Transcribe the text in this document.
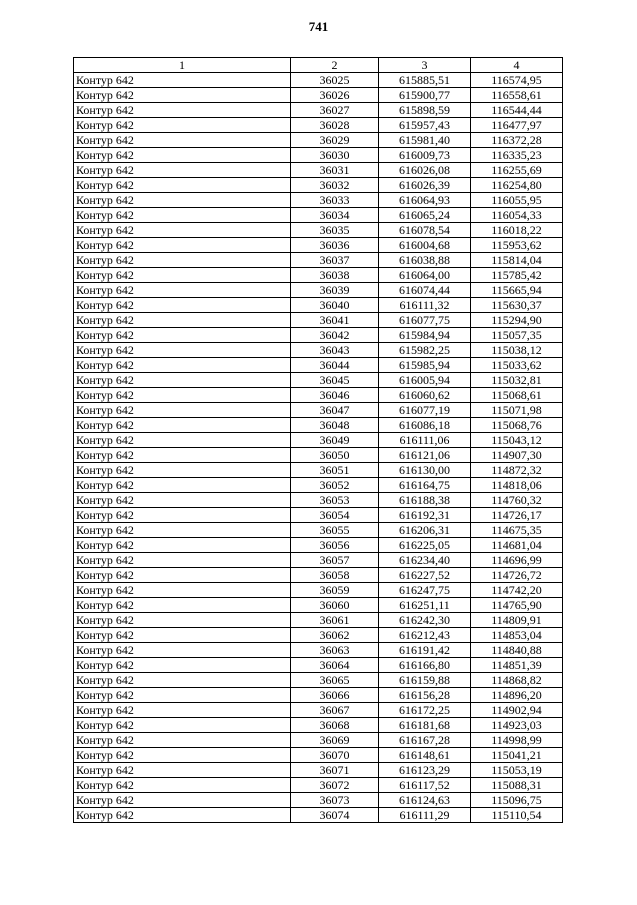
741
1	2	3	4
Контур 642	36025	615885,51	116574,95
Контур 642	36026	615900,77	116558,61
Контур 642	36027	615898,59	116544,44
Контур 642	36028	615957,43	116477,97
Контур 642	36029	615981,40	116372,28
Контур 642	36030	616009,73	116335,23
Контур 642	36031	616026,08	116255,69
Контур 642	36032	616026,39	116254,80
Контур 642	36033	616064,93	116055,95
Контур 642	36034	616065,24	116054,33
Контур 642	36035	616078,54	116018,22
Контур 642	36036	616004,68	115953,62
Контур 642	36037	616038,88	115814,04
Контур 642	36038	616064,00	115785,42
Контур 642	36039	616074,44	115665,94
Контур 642	36040	616111,32	115630,37
Контур 642	36041	616077,75	115294,90
Контур 642	36042	615984,94	115057,35
Контур 642	36043	615982,25	115038,12
Контур 642	36044	615985,94	115033,62
Контур 642	36045	616005,94	115032,81
Контур 642	36046	616060,62	115068,61
Контур 642	36047	616077,19	115071,98
Контур 642	36048	616086,18	115068,76
Контур 642	36049	616111,06	115043,12
Контур 642	36050	616121,06	114907,30
Контур 642	36051	616130,00	114872,32
Контур 642	36052	616164,75	114818,06
Контур 642	36053	616188,38	114760,32
Контур 642	36054	616192,31	114726,17
Контур 642	36055	616206,31	114675,35
Контур 642	36056	616225,05	114681,04
Контур 642	36057	616234,40	114696,99
Контур 642	36058	616227,52	114726,72
Контур 642	36059	616247,75	114742,20
Контур 642	36060	616251,11	114765,90
Контур 642	36061	616242,30	114809,91
Контур 642	36062	616212,43	114853,04
Контур 642	36063	616191,42	114840,88
Контур 642	36064	616166,80	114851,39
Контур 642	36065	616159,88	114868,82
Контур 642	36066	616156,28	114896,20
Контур 642	36067	616172,25	114902,94
Контур 642	36068	616181,68	114923,03
Контур 642	36069	616167,28	114998,99
Контур 642	36070	616148,61	115041,21
Контур 642	36071	616123,29	115053,19
Контур 642	36072	616117,52	115088,31
Контур 642	36073	616124,63	115096,75
Контур 642	36074	616111,29	115110,54
